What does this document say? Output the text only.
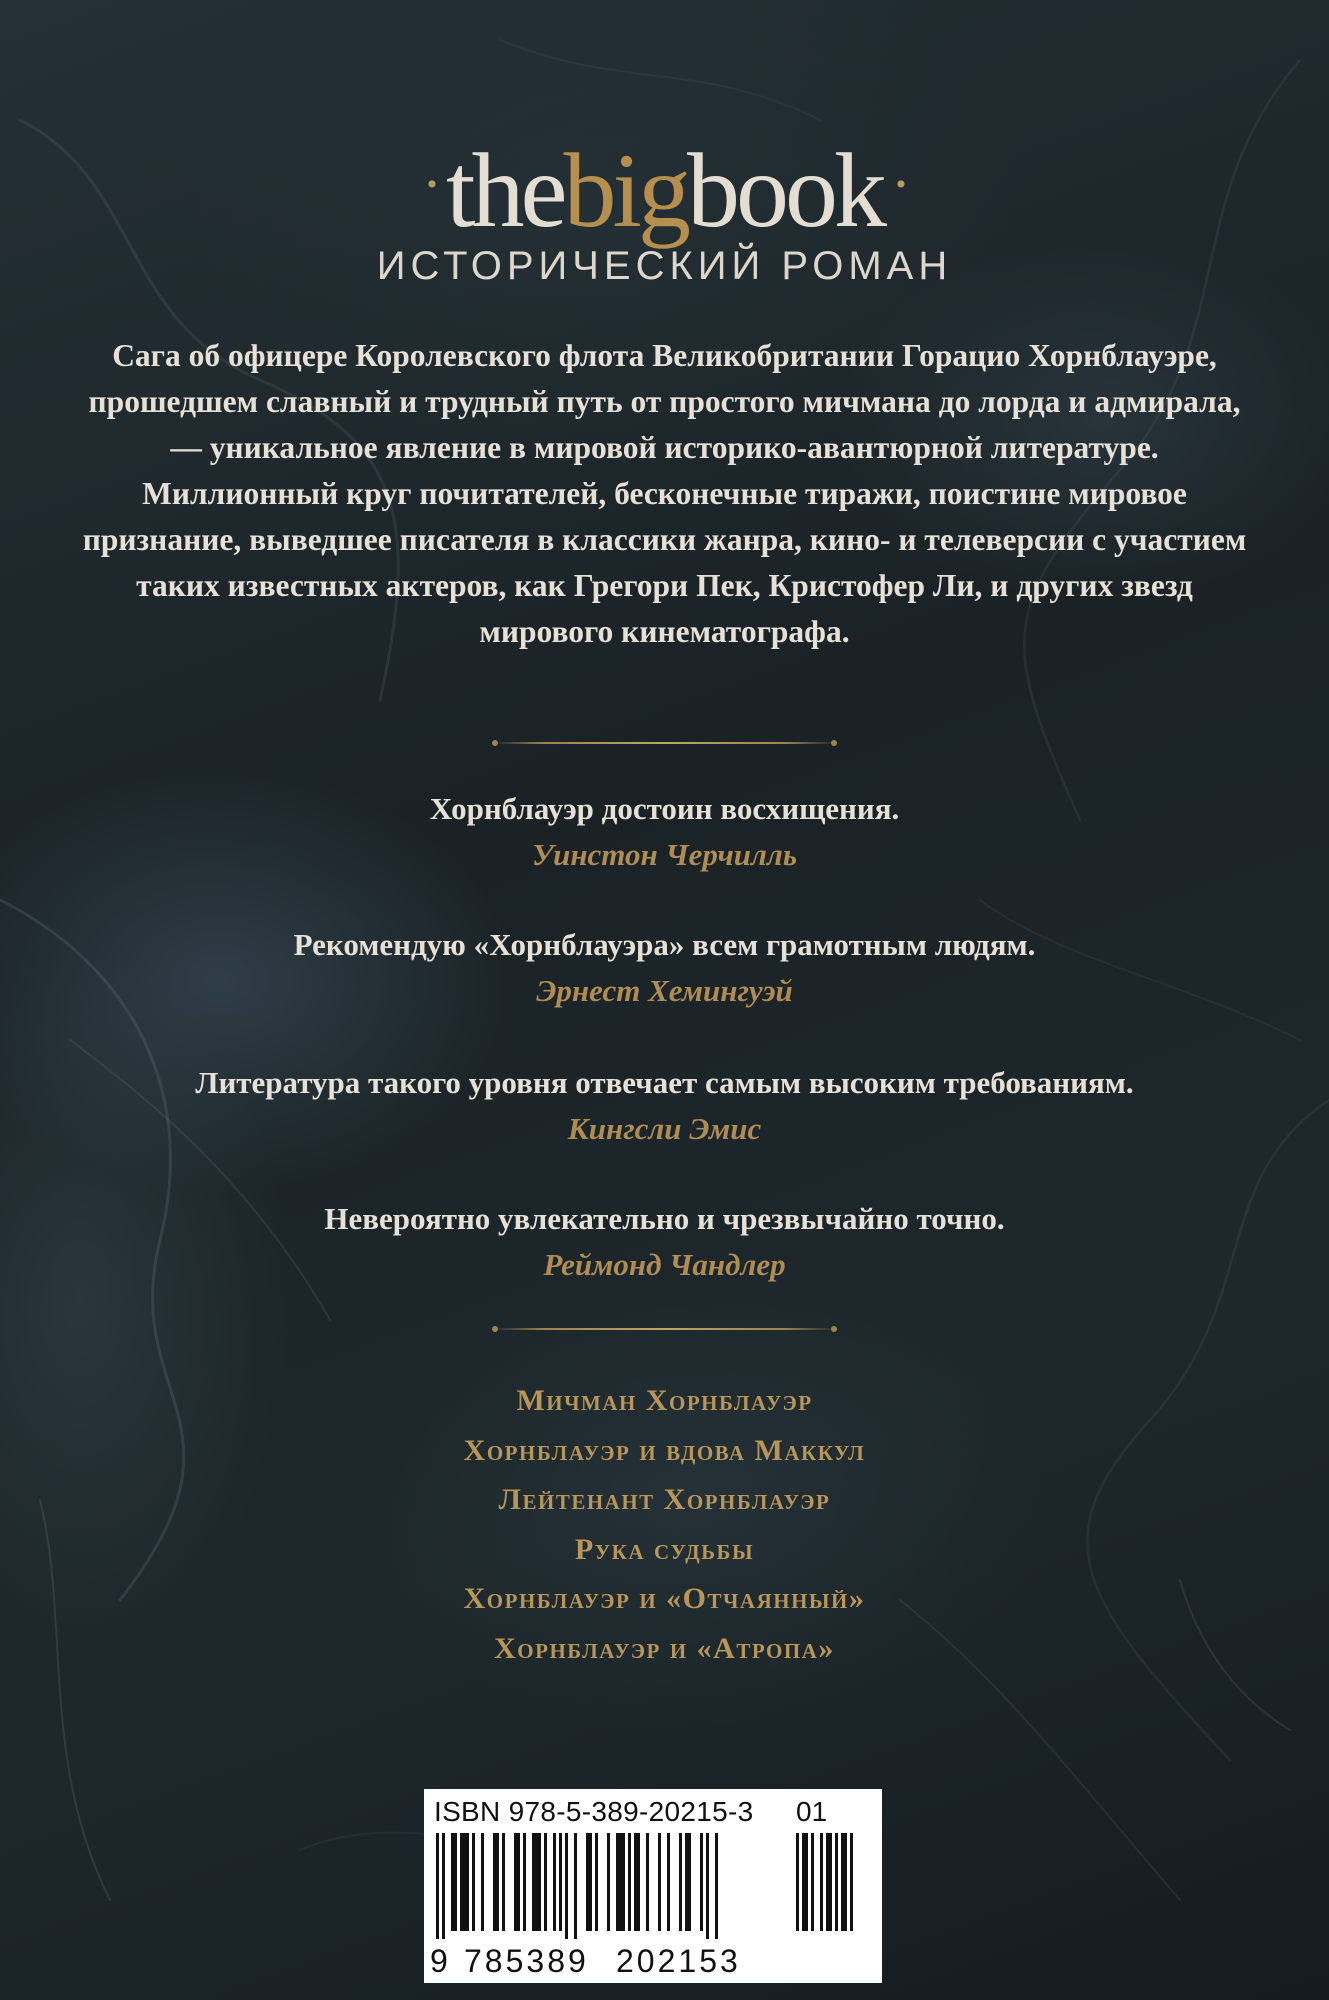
·thebigbook ·
ИСТОРИЧЕСКИЙ РОМАН

Сага об офицере Королевского флота Великобритании Горацио Хорнблауэре, прошедшем славный и трудный путь от простого мичмана до лорда и адмирала, — уникальное явление в мировой историко-авантюрной литературе. Миллионный круг почитателей, бесконечные тиражи, поистине мировое признание, выведшее писателя в классики жанра, кино- и телеверсии с участием таких известных актеров, как Грегори Пек, Кристофер Ли, и других звезд мирового кинематографа.

Хорнблауэр достоин восхищения.
Уинстон Черчилль
Рекомендую «Хорнблауэра» всем грамотным людям.
Эрнест Хемингуэй
Литература такого уровня отвечает самым высоким требованиям.
Кингсли Эмис
Невероятно увлекательно и чрезвычайно точно.
Реймонд Чандлер
Мичман Хорнблауэр
Хорнблауэр и вдова Маккул
Лейтенант Хорнблауэр
Рука судьбы
Хорнблауэр и «Отчаянный»
Хорнблауэр и «Атропа»
ISBN 978-5-389-20215-3 01
9 785389 202153
